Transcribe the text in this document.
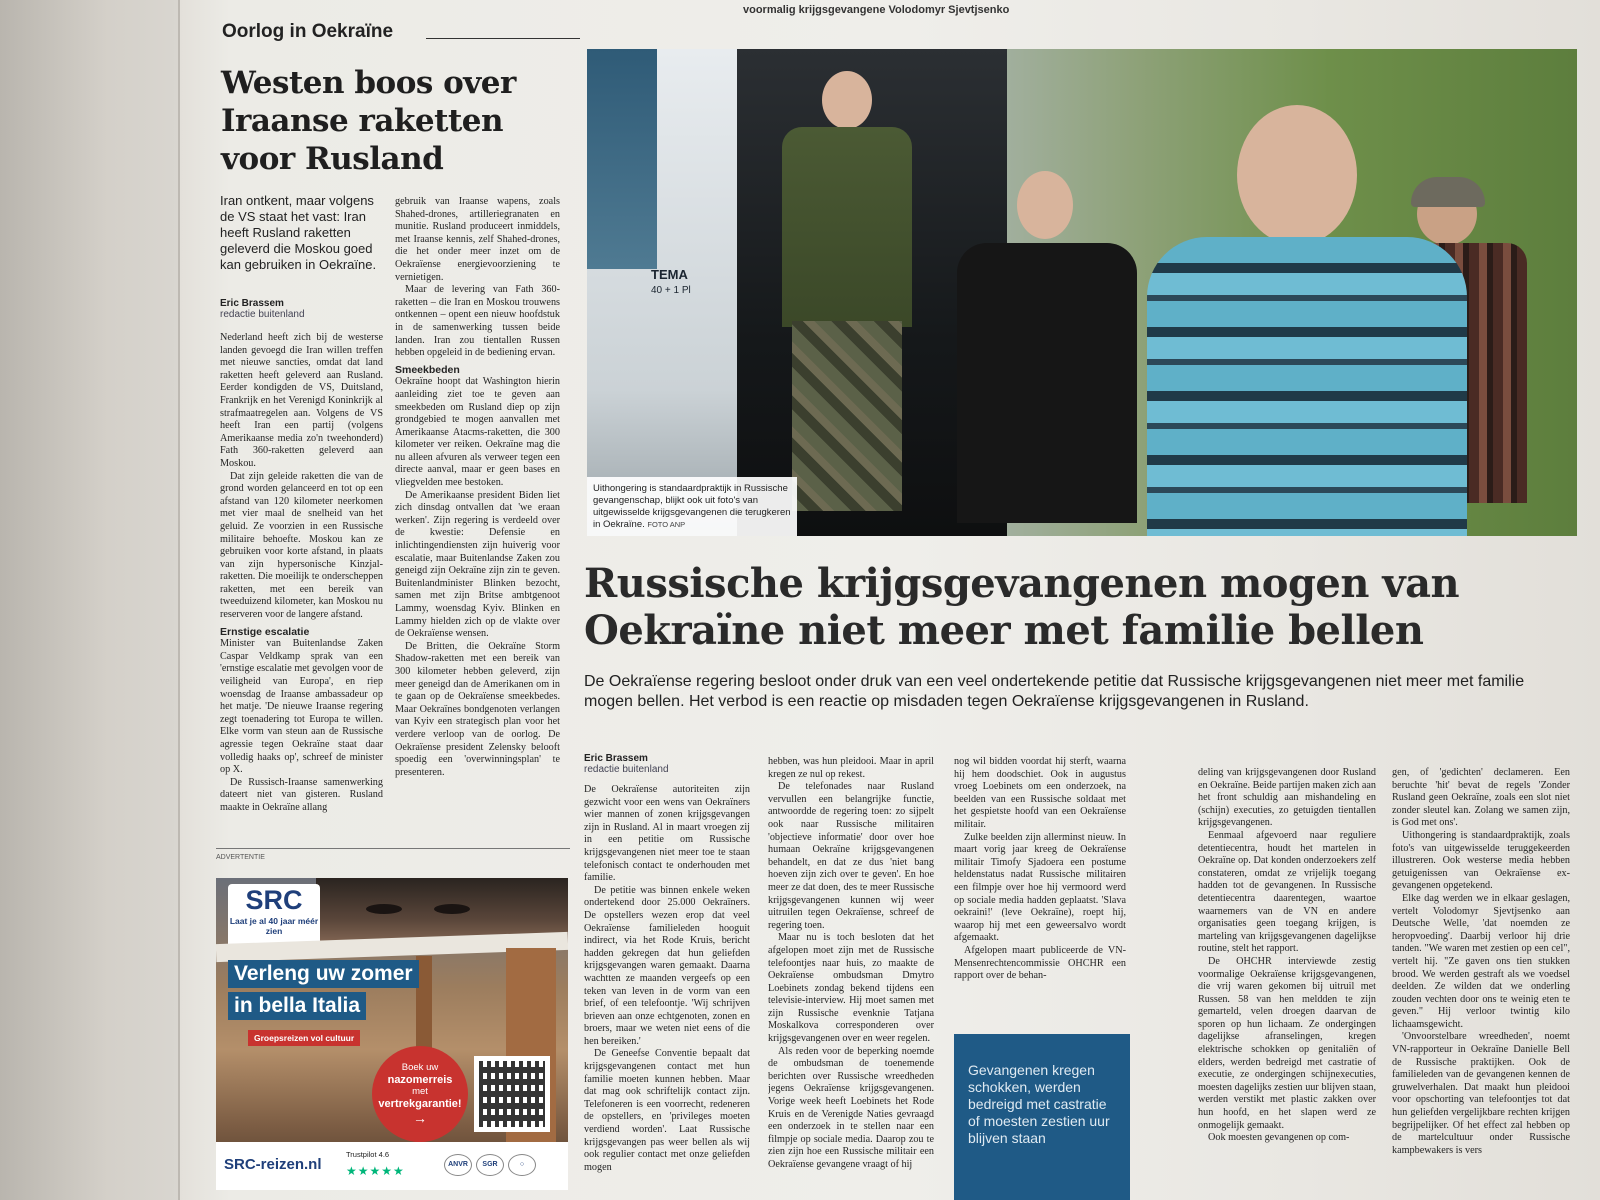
voormalig krijgsgevangene Volodomyr Sjevtjsenko
Oorlog in Oekraïne
Westen boos over Iraanse raketten voor Rusland

Iran ontkent, maar volgens de VS staat het vast: Iran heeft Rusland raketten geleverd die Moskou goed kan gebruiken in Oekraïne.

Eric Brassem
redactie buitenland

Nederland heeft zich bij de westerse landen gevoegd die Iran willen treffen met nieuwe sancties, omdat dat land raketten heeft geleverd aan Rusland. Eerder kondigden de VS, Duitsland, Frankrijk en het Verenigd Koninkrijk al strafmaatregelen aan. Volgens de VS heeft Iran een partij (volgens Amerikaanse media zo'n tweehonderd) Fath 360-raketten geleverd aan Moskou.

Dat zijn geleide raketten die van de grond worden gelanceerd en tot op een afstand van 120 kilometer neerkomen met vier maal de snelheid van het geluid. Ze voorzien in een Russische militaire behoefte. Moskou kan ze gebruiken voor korte afstand, in plaats van zijn hypersonische Kinzjal-raketten. Die moeilijk te onderscheppen raketten, met een bereik van tweeduizend kilometer, kan Moskou nu reserveren voor de langere afstand.

Ernstige escalatie

Minister van Buitenlandse Zaken Caspar Veldkamp sprak van een 'ernstige escalatie met gevolgen voor de veiligheid van Europa', en riep woensdag de Iraanse ambassadeur op het matje. 'De nieuwe Iraanse regering zegt toenadering tot Europa te willen. Elke vorm van steun aan de Russische agressie tegen Oekraïne staat daar volledig haaks op', schreef de minister op X.

De Russisch-Iraanse samenwerking dateert niet van gisteren. Rusland maakte in Oekraïne allang

gebruik van Iraanse wapens, zoals Shahed-drones, artilleriegranaten en munitie. Rusland produceert inmiddels, met Iraanse kennis, zelf Shahed-drones, die het onder meer inzet om de Oekraïense energievoorziening te vernietigen.

Maar de levering van Fath 360-raketten – die Iran en Moskou trouwens ontkennen – opent een nieuw hoofdstuk in de samenwerking tussen beide landen. Iran zou tientallen Russen hebben opgeleid in de bediening ervan.

Smeekbeden

Oekraïne hoopt dat Washington hierin aanleiding ziet toe te geven aan smeekbeden om Rusland diep op zijn grondgebied te mogen aanvallen met Amerikaanse Atacms-raketten, die 300 kilometer ver reiken. Oekraïne mag die nu alleen afvuren als verweer tegen een directe aanval, maar er geen bases en vliegvelden mee bestoken.

De Amerikaanse president Biden liet zich dinsdag ontvallen dat 'we eraan werken'. Zijn regering is verdeeld over de kwestie: Defensie en inlichtingendiensten zijn huiverig voor escalatie, maar Buitenlandse Zaken zou geneigd zijn Oekraïne zijn zin te geven. Buitenlandminister Blinken bezocht, samen met zijn Britse ambtgenoot Lammy, woensdag Kyiv. Blinken en Lammy hielden zich op de vlakte over de Oekraïense wensen.

De Britten, die Oekraïne Storm Shadow-raketten met een bereik van 300 kilometer hebben geleverd, zijn meer geneigd dan de Amerikanen om in te gaan op de Oekraïense smeekbedes. Maar Oekraïnes bondgenoten verlangen van Kyiv een strategisch plan voor het verdere verloop van de oorlog. De Oekraïense president Zelensky belooft spoedig een 'overwinningsplan' te presenteren.

ADVERTENTIE
SRC
Laat je al 40 jaar méér zien
Verleng uw zomer
in bella Italia
Groepsreizen vol cultuur
Boek uw
nazomerreis
met
vertrekgarantie!
→
SRC-reizen.nl
Trustpilot 4.6
★★★★★	ANVR SGR	○
TEMA
40 + 1 Pl
Uithongering is standaardpraktijk in Russische gevangenschap, blijkt ook uit foto's van uitgewisselde krijgsgevangenen die terugkeren in Oekraïne. FOTO ANP
Russische krijgsgevangenen mogen van Oekraïne niet meer met familie bellen

De Oekraïense regering besloot onder druk van een veel ondertekende petitie dat Russische krijgsgevangenen niet meer met familie mogen bellen. Het verbod is een reactie op misdaden tegen Oekraïense krijgsgevangenen in Rusland.

Eric Brassem
redactie buitenland

De Oekraïense autoriteiten zijn gezwicht voor een wens van Oekraïners wier mannen of zonen krijgsgevangen zijn in Rusland. Al in maart vroegen zij in een petitie om Russische krijgsgevangenen niet meer toe te staan telefonisch contact te onderhouden met familie.

De petitie was binnen enkele weken ondertekend door 25.000 Oekraïners. De opstellers wezen erop dat veel Oekraïense familieleden hooguit indirect, via het Rode Kruis, bericht hadden gekregen dat hun geliefden krijgsgevangen waren gemaakt. Daarna wachtten ze maanden vergeefs op een teken van leven in de vorm van een brief, of een telefoontje. 'Wij schrijven brieven aan onze echtgenoten, zonen en broers, maar we weten niet eens of die hen bereiken.'

De Geneefse Conventie bepaalt dat krijgsgevangenen contact met hun familie moeten kunnen hebben. Maar dat mag ook schriftelijk contact zijn. Telefoneren is een voorrecht, redeneren de opstellers, en 'privileges moeten verdiend worden'. Laat Russische krijgsgevangen pas weer bellen als wij ook regulier contact met onze geliefden mogen

hebben, was hun pleidooi. Maar in april kregen ze nul op rekest.

De telefonades naar Rusland vervullen een belangrijke functie, antwoordde de regering toen: zo sijpelt ook naar Russische militairen 'objectieve informatie' door over hoe humaan Oekraïne krijgsgevangenen behandelt, en dat ze dus 'niet bang hoeven zijn zich over te geven'. En hoe meer ze dat doen, des te meer Russische krijgsgevangenen kunnen wij weer uitruilen tegen Oekraïense, schreef de regering toen.

Maar nu is toch besloten dat het afgelopen moet zijn met de Russische telefoontjes naar huis, zo maakte de Oekraïense ombudsman Dmytro Loebinets zondag bekend tijdens een televisie-interview. Hij moet samen met zijn Russische evenknie Tatjana Moskalkova corresponderen over krijgsgevangenen over en weer regelen.

Als reden voor de beperking noemde de ombudsman de toenemende berichten over Russische wreedheden jegens Oekraïense krijgsgevangenen. Vorige week heeft Loebinets het Rode Kruis en de Verenigde Naties gevraagd een onderzoek in te stellen naar een filmpje op sociale media. Daarop zou te zien zijn hoe een Russische militair een Oekraïense gevangene vraagt of hij

nog wil bidden voordat hij sterft, waarna hij hem doodschiet. Ook in augustus vroeg Loebinets om een onderzoek, na beelden van een Russische soldaat met het gespietste hoofd van een Oekraïense militair.

Zulke beelden zijn allerminst nieuw. In maart vorig jaar kreeg de Oekraïense militair Timofy Sjadoera een postume heldenstatus nadat Russische militairen een filmpje over hoe hij vermoord werd op sociale media hadden geplaatst. 'Slava oekraini!' (leve Oekraïne), roept hij, waarop hij met een geweersalvo wordt afgemaakt.

Afgelopen maart publiceerde de VN-Mensenrechtencommissie OHCHR een rapport over de behan-

Gevangenen kregen schokken, werden bedreigd met castratie of moesten zestien uur blijven staan

deling van krijgsgevangenen door Rusland en Oekraïne. Beide partijen maken zich aan het front schuldig aan mishandeling en (schijn) executies, zo getuigden tientallen krijgsgevangenen.

Eenmaal afgevoerd naar reguliere detentiecentra, houdt het martelen in Oekraïne op. Dat konden onderzoekers zelf constateren, omdat ze vrijelijk toegang hadden tot de gevangenen. In Russische detentiecentra daarentegen, waartoe waarnemers van de VN en andere organisaties geen toegang krijgen, is marteling van krijgsgevangenen dagelijkse routine, stelt het rapport.

De OHCHR interviewde zestig voormalige Oekraïense krijgsgevangenen, die vrij waren gekomen bij uitruil met Russen. 58 van hen meldden te zijn gemarteld, velen droegen daarvan de sporen op hun lichaam. Ze ondergingen dagelijkse afranselingen, kregen elektrische schokken op genitaliën of elders, werden bedreigd met castratie of executie, ze ondergingen schijnexecuties, moesten dagelijks zestien uur blijven staan, werden verstikt met plastic zakken over hun hoofd, en het slapen werd ze onmogelijk gemaakt.

Ook moesten gevangenen op com-

gen, of 'gedichten' declameren. Een beruchte 'hit' bevat de regels 'Zonder Rusland geen Oekraïne, zoals een slot niet zonder sleutel kan. Zolang we samen zijn, is God met ons'.

Uithongering is standaardpraktijk, zoals foto's van uitgewisselde teruggekeerden illustreren. Ook westerse media hebben getuigenissen van Oekraïense ex-gevangenen opgetekend.

Elke dag werden we in elkaar geslagen, vertelt Volodomyr Sjevtjsenko aan Deutsche Welle, 'dat noemden ze heropvoeding'. Daarbij verloor hij drie tanden. "We waren met zestien op een cel", vertelt hij. "Ze gaven ons tien stukken brood. We werden gestraft als we voedsel deelden. Ze wilden dat we onderling zouden vechten door ons te weinig eten te geven." Hij verloor twintig kilo lichaamsgewicht.

'Onvoorstelbare wreedheden', noemt VN-rapporteur in Oekraïne Danielle Bell de Russische praktijken. Ook de familieleden van de gevangenen kennen de gruwelverhalen. Dat maakt hun pleidooi voor opschorting van telefoontjes tot dat hun geliefden vergelijkbare rechten krijgen begrijpelijker. Of het effect zal hebben op de martelcultuur onder Russische kampbewakers is vers
